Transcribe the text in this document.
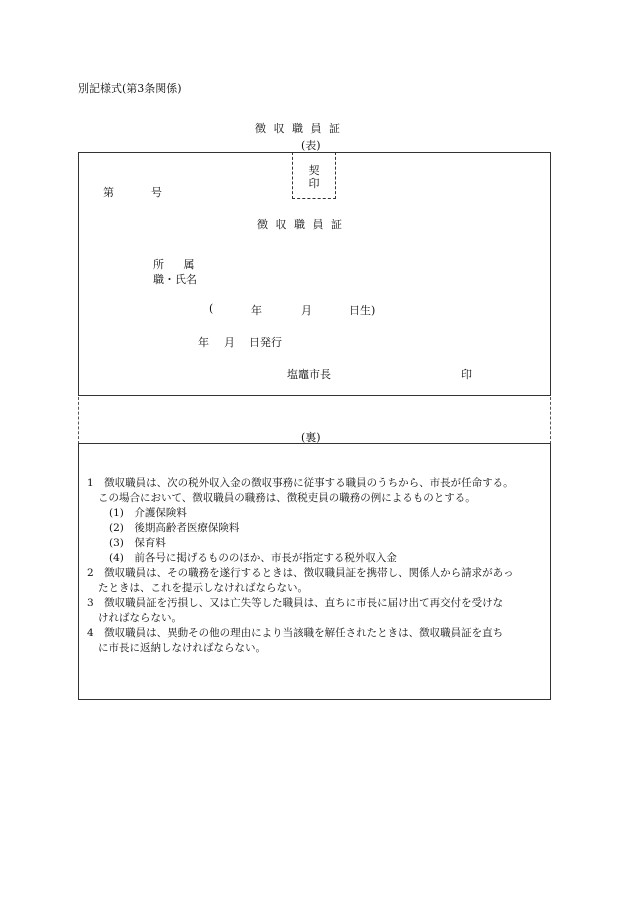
別記様式(第3条関係)
徴 収 職 員 証
(表)
第	号
徴 収 職 員 証
所 属
職・氏名
(	年	月	日生)
年 月 日発行
塩竈市長	印
契
印
(裏)
1　徴収職員は、次の税外収入金の徴収事務に従事する職員のうちから、市長が任命する。
この場合において、徴収職員の職務は、徴税吏員の職務の例によるものとする。
(1)　介護保険料
(2)　後期高齢者医療保険料
(3)　保育料
(4)　前各号に掲げるもののほか、市長が指定する税外収入金
2　徴収職員は、その職務を遂行するときは、徴収職員証を携帯し、関係人から請求があっ
たときは、これを提示しなければならない。
3　徴収職員証を汚損し、又は亡失等した職員は、直ちに市長に届け出て再交付を受けな
ければならない。
4　徴収職員は、異動その他の理由により当該職を解任されたときは、徴収職員証を直ち
に市長に返納しなければならない。
